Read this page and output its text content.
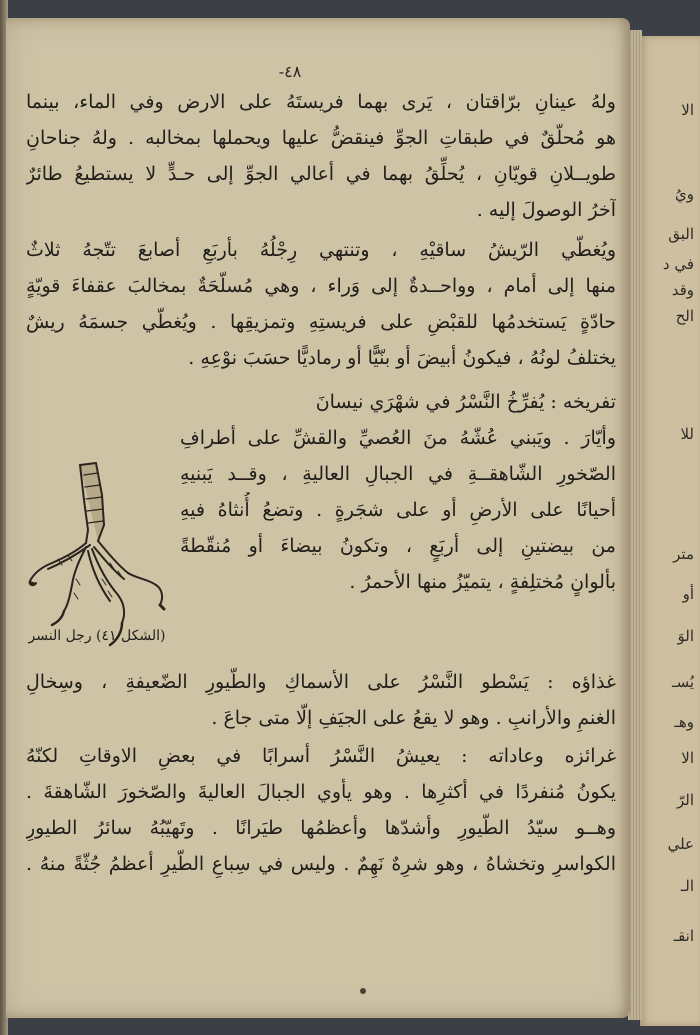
الا
ويُ
البق
في د
وقد
الحِ
للا
متر
أو
الوَ
يُسـ
وهـ
الا
الرّ
علي
الـ
انقـ
-٤٨
ولهُ عينانِ برّاقتان ، يَرى بهما فريستَهُ على الارض وفي الماء، بينما
هو مُحلّقٌ في طبقاتِ الجوِّ فينقضُّ عليها ويحملها بمخالبه . ولهُ جناحانِ
طويــلانِ قويّانِ ، يُحلِّقُ بهما في أعالي الجوِّ إلى حـدٍّ لا يستطيعُ طائرٌ
آخرُ الوصولَ إليه .
ويُغطّي الرّيشُ ساقيْهِ ، وتنتهي رِجْلُهُ بأربَعِ أصابعَ تتّجهُ ثلاثٌ
منها إلى أمام ، وواحــدةٌ إلى وَراء ، وهي مُسلّحَةٌ بمخالبَ عقفاءَ قويّةٍ
حادّةٍ يَستخدمُها للقبْضِ على فريستِهِ وتمزيقِها . ويُغطّي جسمَهُ ريشٌ
يختلفُ لونُهُ ، فيكونُ أبيضَ أو بنّيًّا أو رماديًّا حسَبَ نوْعِهِ .
تفريخه : يُفرِّخُ النَّسْرُ في شهْرَي نيسانَ
وأيّارَ . ويَبني عُشّهُ منَ العُصيِّ والقشِّ على أطرافِ
الصّخورِ الشّاهقــةِ في الجبالِ العاليةِ ، وقــد يَبنيهِ
أحيانًا على الأرضِ أو على شجَرةٍ . وتضعُ أُنثاهُ فيهِ
من بيضتينِ إلى أربَعٍ ، وتكونُ بيضاءَ أو مُنقّطةً
بألوانٍ مُختلِفةٍ ، يتميّزُ منها الأحمرُ .
غذاؤه : يَسْطو النَّسْرُ على الأسماكِ والطّيورِ الضّعيفةِ ، وسِخالِ
الغنمِ والأرانبِ . وهو لا يقعُ على الجيَفِ إلّا متى جاعَ .
غرائزه وعاداته : يعيشُ النَّسْرُ أسرابًا في بعضِ الاوقاتِ لكنّهُ
يكونُ مُنفردًا في أكثرِها . وهو يأوي الجبالَ العاليةَ والصّخورَ الشّاهقةَ .
وهــو سيّدُ الطّيورِ وأشدّها وأعظمُها طيَرانًا . وتَهيّبُهُ سائرُ الطيورِ
الكواسرِ وتخشاهُ ، وهو شرِهٌ نَهِمٌ . وليس في سِباعِ الطّيرِ أعظمُ جُثّةً منهُ .
(الشكل ٤١) رجل النسر
